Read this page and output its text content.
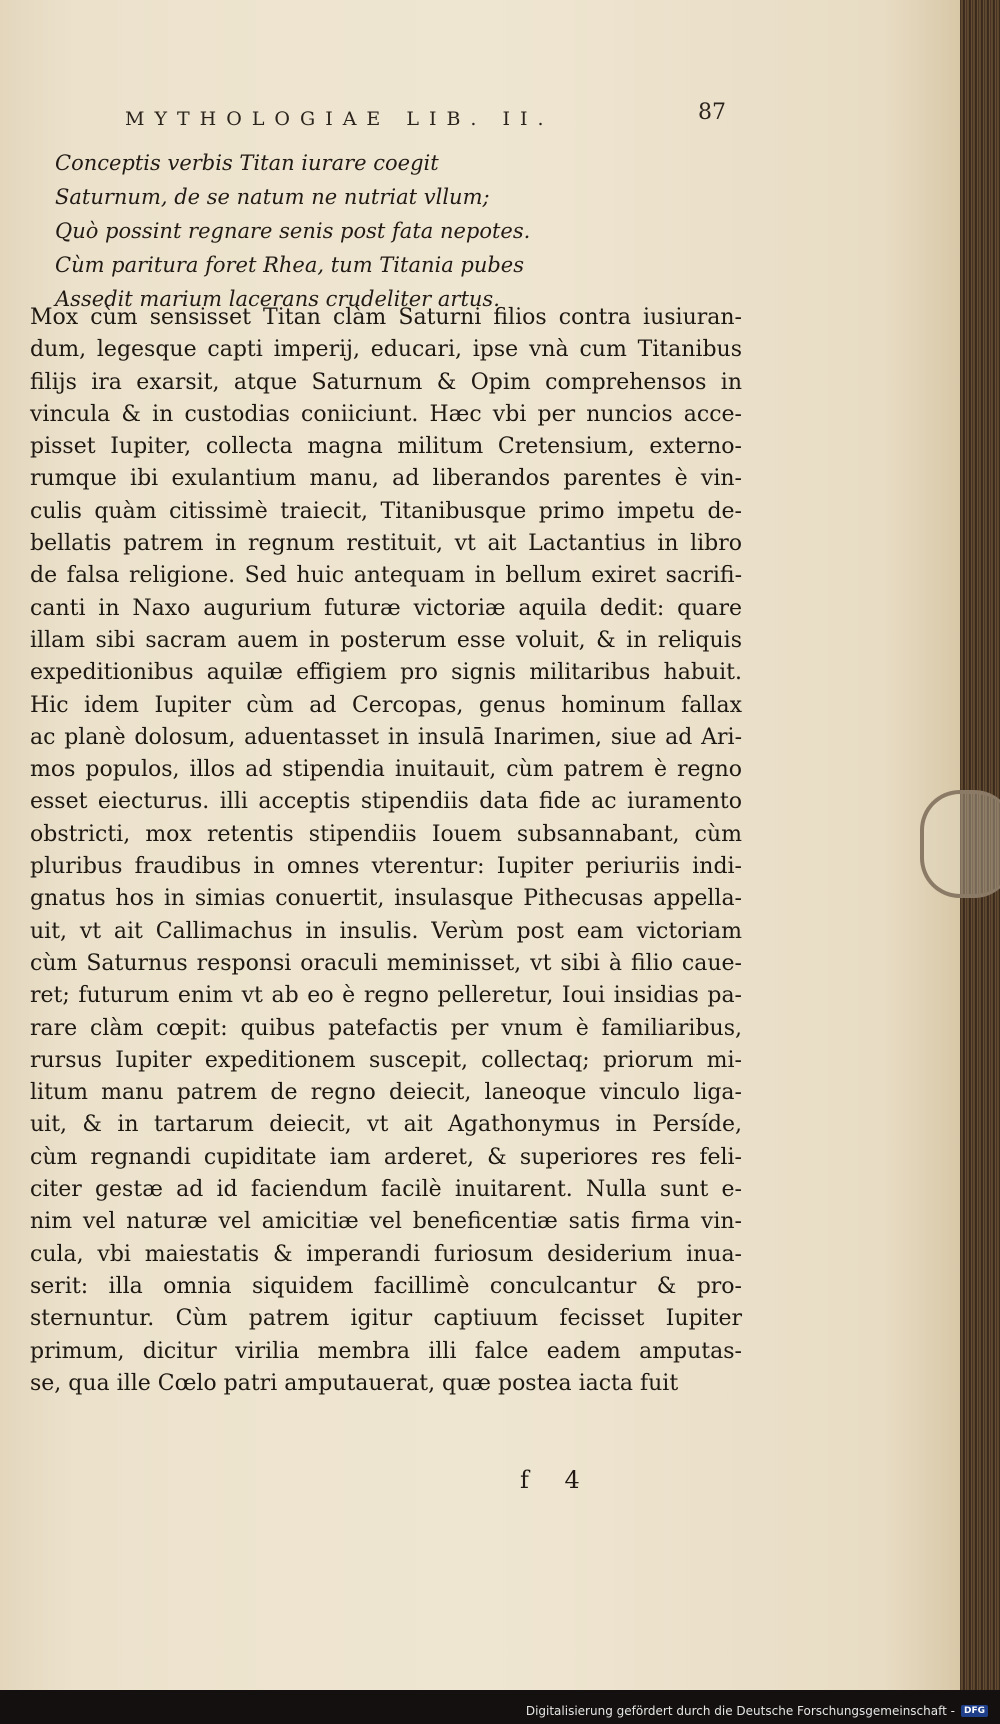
MYTHOLOGIAE LIB. II.	87
Conceptis verbis Titan iurare coegit
Saturnum, de se natum ne nutriat vllum;
Quò possint regnare senis post fata nepotes.
Cùm paritura foret Rhea, tum Titania pubes
Assedit marium lacerans crudeliter artus.
Mox cùm sensisset Titan clàm Saturni filios contra iusiuran-
dum, legesque capti imperij, educari, ipse vnà cum Titanibus
filijs ira exarsit, atque Saturnum & Opim comprehensos in
vincula & in custodias coniiciunt. Hæc vbi per nuncios acce-
pisset Iupiter, collecta magna militum Cretensium, externo-
rumque ibi exulantium manu, ad liberandos parentes è vin-
culis quàm citissimè traiecit, Titanibusque primo impetu de-
bellatis patrem in regnum restituit, vt ait Lactantius in libro
de falsa religione. Sed huic antequam in bellum exiret sacrifi-
canti in Naxo augurium futuræ victoriæ aquila dedit: quare
illam sibi sacram auem in posterum esse voluit, & in reliquis
expeditionibus aquilæ effigiem pro signis militaribus habuit.
Hic idem Iupiter cùm ad Cercopas, genus hominum fallax
ac planè dolosum, aduentasset in insulā Inarimen, siue ad Ari-
mos populos, illos ad stipendia inuitauit, cùm patrem è regno
esset eiecturus. illi acceptis stipendiis data fide ac iuramento
obstricti, mox retentis stipendiis Iouem subsannabant, cùm
pluribus fraudibus in omnes vterentur: Iupiter periuriis indi-
gnatus hos in simias conuertit, insulasque Pithecusas appella-
uit, vt ait Callimachus in insulis. Verùm post eam victoriam
cùm Saturnus responsi oraculi meminisset, vt sibi à filio caue-
ret; futurum enim vt ab eo è regno pelleretur, Ioui insidias pa-
rare clàm cœpit: quibus patefactis per vnum è familiaribus,
rursus Iupiter expeditionem suscepit, collectaq; priorum mi-
litum manu patrem de regno deiecit, laneoque vinculo liga-
uit, & in tartarum deiecit, vt ait Agathonymus in Persíde,
cùm regnandi cupiditate iam arderet, & superiores res feli-
citer gestæ ad id faciendum facilè inuitarent. Nulla sunt e-
nim vel naturæ vel amicitiæ vel beneficentiæ satis firma vin-
cula, vbi maiestatis & imperandi furiosum desiderium inua-
serit: illa omnia siquidem facillimè conculcantur & pro-
sternuntur. Cùm patrem igitur captiuum fecisset Iupiter
primum, dicitur virilia membra illi falce eadem amputas-
se, qua ille Cœlo patri amputauerat, quæ postea iacta fuit
f 4
Digitalisierung gefördert durch die Deutsche Forschungsgemeinschaft -	DFG
